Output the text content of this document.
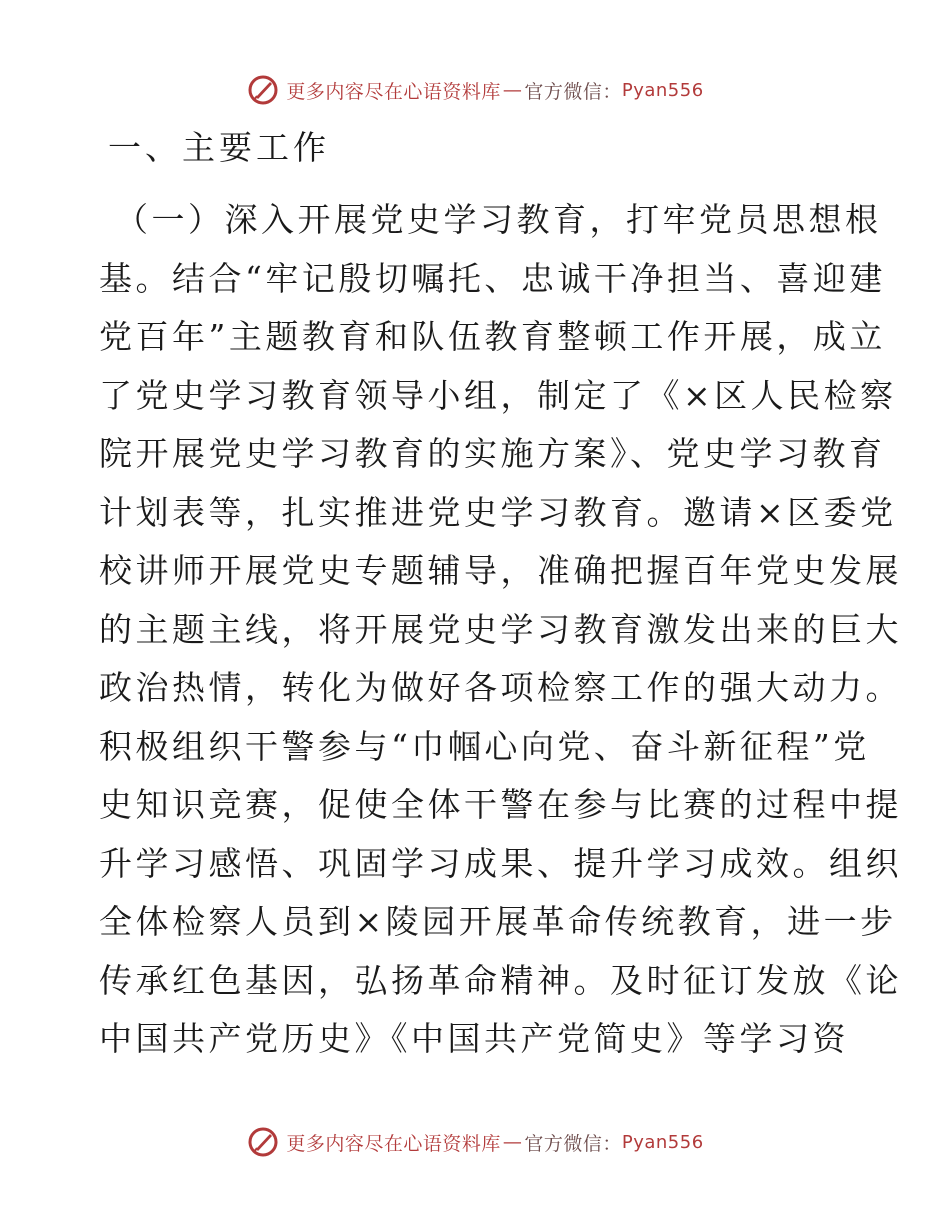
更多内容尽在心语资料库 — 官方微信： Pyan556
一、主要工作
（一）深入开展党史学习教育，打牢党员思想根
基。结合“牢记殷切嘱托、忠诚干净担当、喜迎建
党百年”主题教育和队伍教育整顿工作开展，成立
了党史学习教育领导小组，制定了《×区人民检察
院开展党史学习教育的实施方案》、党史学习教育
计划表等，扎实推进党史学习教育。邀请×区委党
校讲师开展党史专题辅导，准确把握百年党史发展
的主题主线，将开展党史学习教育激发出来的巨大
政治热情，转化为做好各项检察工作的强大动力。
积极组织干警参与“巾帼心向党、奋斗新征程”党
史知识竞赛，促使全体干警在参与比赛的过程中提
升学习感悟、巩固学习成果、提升学习成效。组织
全体检察人员到×陵园开展革命传统教育，进一步
传承红色基因，弘扬革命精神。及时征订发放《论
中国共产党历史》《中国共产党简史》等学习资
更多内容尽在心语资料库 — 官方微信： Pyan556
